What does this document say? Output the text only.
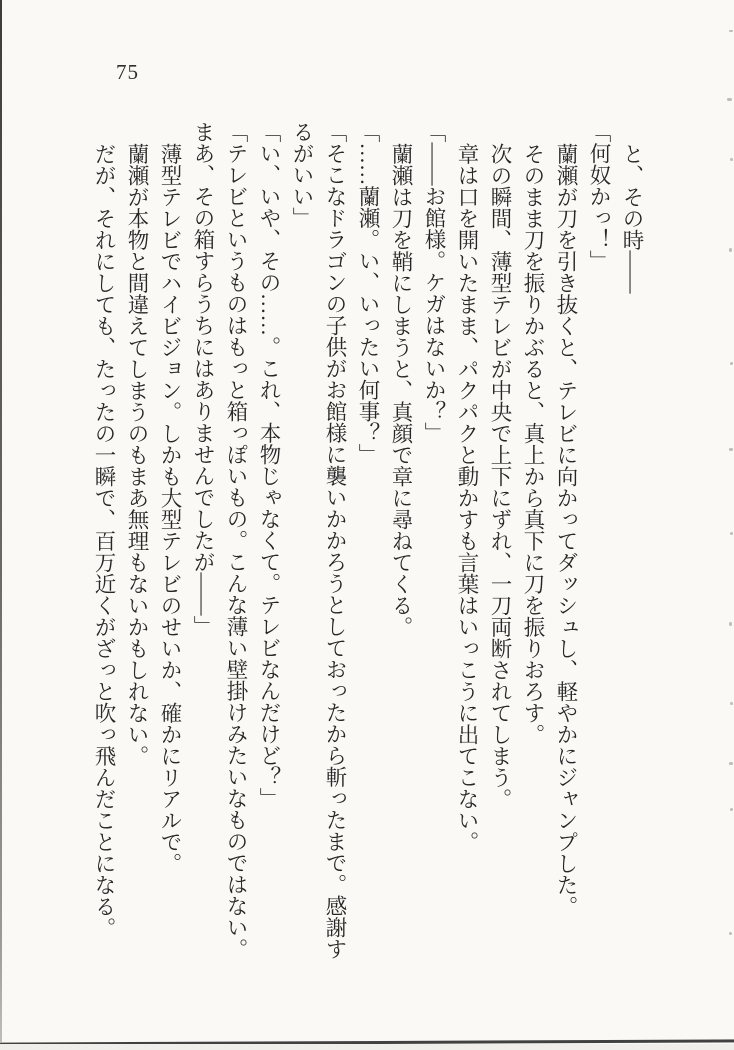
75

と、その時――

「何奴かっ！」

蘭瀬が刀を引き抜くと、テレビに向かってダッシュし、軽やかにジャンプした。

そのまま刀を振りかぶると、真上から真下に刀を振りおろす。

次の瞬間、薄型テレビが中央で上下にずれ、一刀両断されてしまう。

章は口を開いたまま、パクパクと動かすも言葉はいっこうに出てこない。

「――お館様。ケガはないか？」

蘭瀬は刀を鞘にしまうと、真顔で章に尋ねてくる。

「……蘭瀬。い、いったい何事？」

「そこなドラゴンの子供がお館様に襲いかかろうとしておったから斬ったまで。感謝するがいい」

「い、いや、その……。これ、本物じゃなくて。テレビなんだけど？」

「テレビというものはもっと箱っぽいもの。こんな薄い壁掛けみたいなものではない。まあ、その箱すらうちにはありませんでしたが――」

薄型テレビでハイビジョン。しかも大型テレビのせいか、確かにリアルで。

蘭瀬が本物と間違えてしまうのもまあ無理もないかもしれない。

だが、それにしても、たったの一瞬で、百万近くがざっと吹っ飛んだことになる。
